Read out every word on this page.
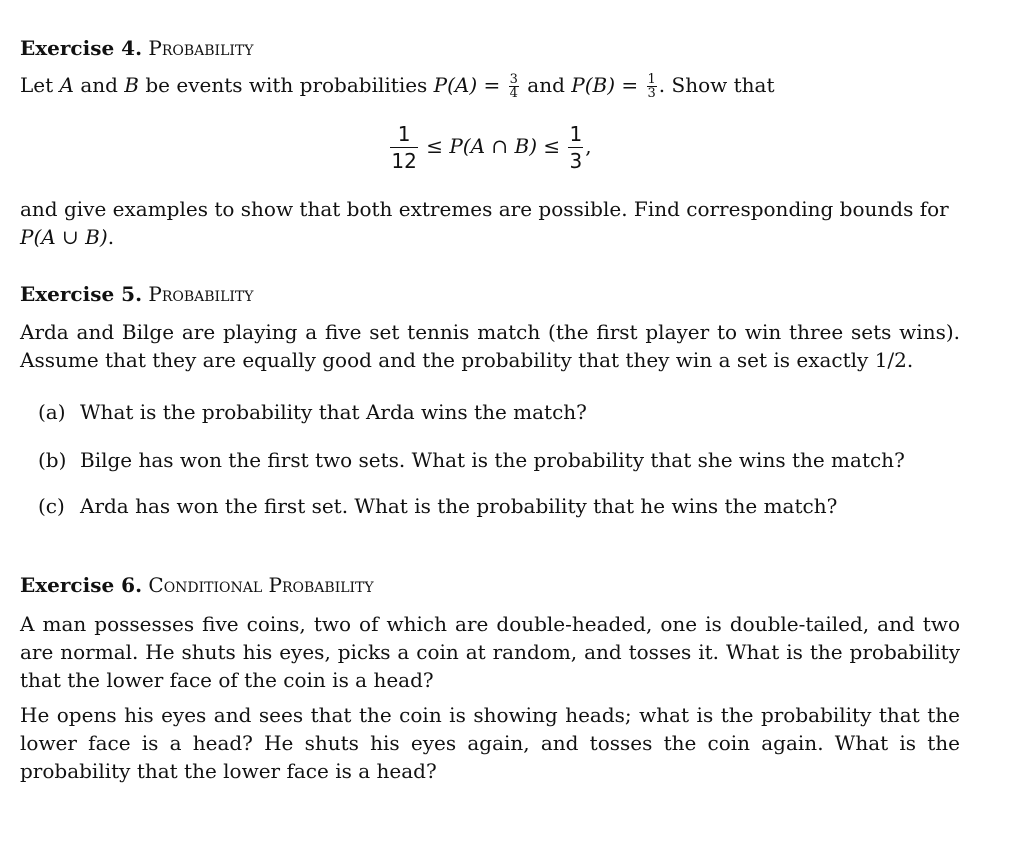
Exercise 4. Probability
Let A and B be events with probabilities $P(A) = \frac{3}{4}$ and $P(B) = \frac{1}{3}$ . Show that
$\frac{1}{12} \le P(A$ ∩ $B) \le \frac{1}{3}$ ,
and give examples to show that both extremes are possible. Find corresponding bounds for
P(A ∪ B).
Exercise 5. Probability
Arda and Bilge are playing a five set tennis match (the first player to win three sets wins). Assume that they are equally good and the probability that they win a set is exactly 1/2.
(a) What is the probability that Arda wins the match?
(b) Bilge has won the first two sets. What is the probability that she wins the match?
(c) Arda has won the first set. What is the probability that he wins the match?
Exercise 6. Conditional Probability
A man possesses five coins, two of which are double-headed, one is double-tailed, and two are normal. He shuts his eyes, picks a coin at random, and tosses it. What is the probability that the lower face of the coin is a head?
He opens his eyes and sees that the coin is showing heads; what is the probability that the lower face is a head? He shuts his eyes again, and tosses the coin again. What is the probability that the lower face is a head?
